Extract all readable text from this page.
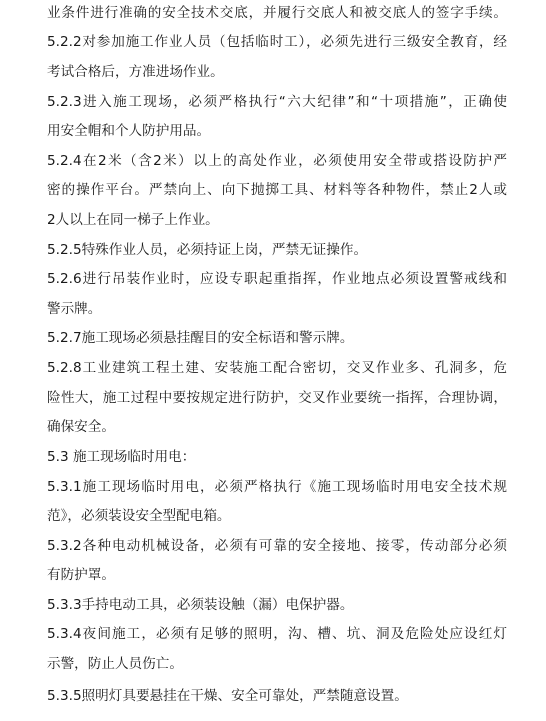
业条件进行准确的安全技术交底，并履行交底人和被交底人的签字手续。
5.2.2对参加施工作业人员（包括临时工），必须先进行三级安全教育，经
考试合格后，方准进场作业。
5.2.3进入施工现场，必须严格执行“六大纪律”和“十项措施”，正确使
用安全帽和个人防护用品。
5.2.4在2米（含2米）以上的高处作业，必须使用安全带或搭设防护严
密的操作平台。严禁向上、向下抛掷工具、材料等各种物件，禁止2人或
2人以上在同一梯子上作业。
5.2.5特殊作业人员，必须持证上岗，严禁无证操作。
5.2.6进行吊装作业时，应设专职起重指挥，作业地点必须设置警戒线和
警示牌。
5.2.7施工现场必须悬挂醒目的安全标语和警示牌。
5.2.8工业建筑工程土建、安装施工配合密切，交叉作业多、孔洞多，危
险性大，施工过程中要按规定进行防护，交叉作业要统一指挥，合理协调，
确保安全。
5.3 施工现场临时用电：
5.3.1施工现场临时用电，必须严格执行《施工现场临时用电安全技术规
范》，必须装设安全型配电箱。
5.3.2各种电动机械设备，必须有可靠的安全接地、接零，传动部分必须
有防护罩。
5.3.3手持电动工具，必须装设触（漏）电保护器。
5.3.4夜间施工，必须有足够的照明，沟、槽、坑、洞及危险处应设红灯
示警，防止人员伤亡。
5.3.5照明灯具要悬挂在干燥、安全可靠处，严禁随意设置。
